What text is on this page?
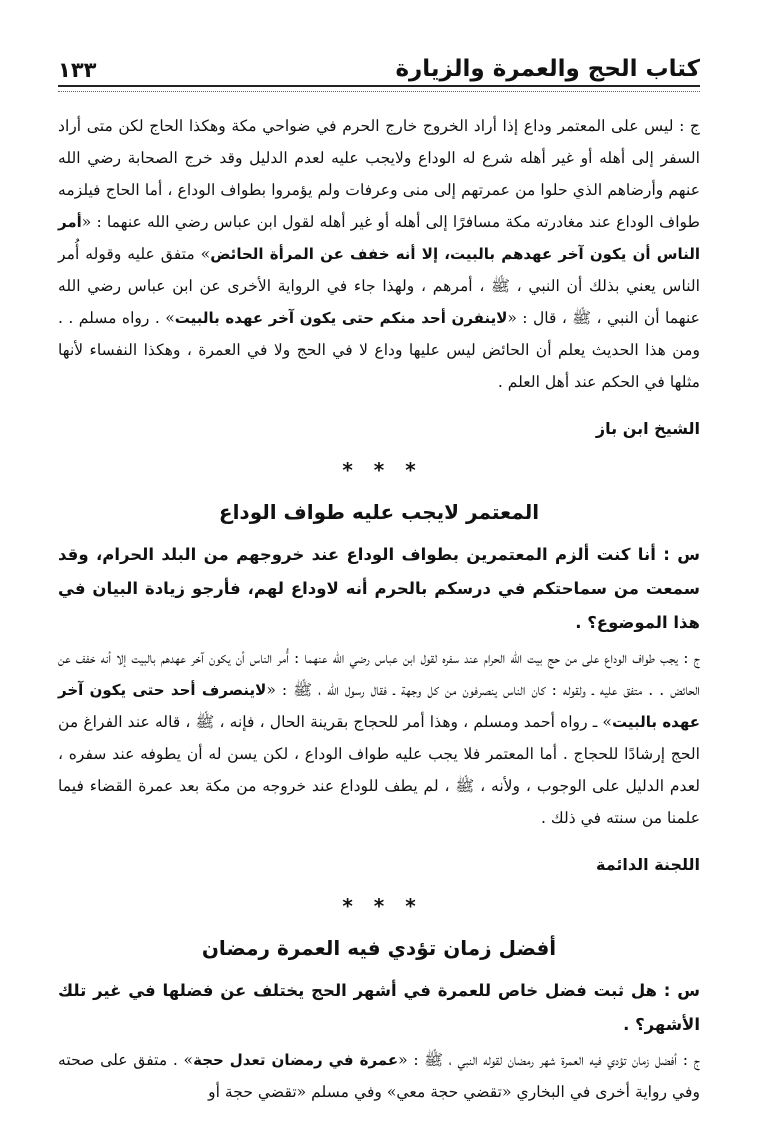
كتاب الحج والعمرة والزيارة
١٣٣

ج : ليس على المعتمر وداع إذا أراد الخروج خارج الحرم في ضواحي مكة وهكذا الحاج لكن متى أراد السفر إلى أهله أو غير أهله شرع له الوداع ولايجب عليه لعدم الدليل وقد خرج الصحابة رضي الله عنهم وأرضاهم الذي حلوا من عمرتهم إلى منى وعرفات ولم يؤمروا بطواف الوداع ، أما الحاج فيلزمه طواف الوداع عند مغادرته مكة مسافرًا إلى أهله أو غير أهله لقول ابن عباس رضي الله عنهما : «أمر الناس أن يكون آخر عهدهم بالبيت، إلا أنه خفف عن المرأة الحائض» متفق عليه وقوله أُمر الناس يعني بذلك أن النبي ، ﷺ ، أمرهم ، ولهذا جاء في الرواية الأخرى عن ابن عباس رضي الله عنهما أن النبي ، ﷺ ، قال : «لاينفرن أحد منكم حتى يكون آخر عهده بالبيت» . رواه مسلم . . ومن هذا الحديث يعلم أن الحائض ليس عليها وداع لا في الحج ولا في العمرة ، وهكذا النفساء لأنها مثلها في الحكم عند أهل العلم .

الشيخ ابن باز
* * *
المعتمر لايجب عليه طواف الوداع

س : أنا كنت ألزم المعتمرين بطواف الوداع عند خروجهم من البلد الحرام، وقد سمعت من سماحتكم في درسكم بالحرم أنه لاوداع لهم، فأرجو زيادة البيان في هذا الموضوع؟ .

ج : يجب طواف الوداع على من حج بيت الله الحرام عند سفره لقول ابن عباس رضي الله عنهما : أُمر الناس أن يكون آخر عهدهم بالبيت إلا أنه خفف عن الحائض . . متفق عليه ـ ولقوله : كان الناس ينصرفون من كل وجهة ـ فقال رسول الله ، ﷺ : «لاينصرف أحد حتى يكون آخر عهده بالبيت» ـ رواه أحمد ومسلم ، وهذا أمر للحجاج بقرينة الحال ، فإنه ، ﷺ ، قاله عند الفراغ من الحج إرشادًا للحجاج . أما المعتمر فلا يجب عليه طواف الوداع ، لكن يسن له أن يطوفه عند سفره ، لعدم الدليل على الوجوب ، ولأنه ، ﷺ ، لم يطف للوداع عند خروجه من مكة بعد عمرة القضاء فيما علمنا من سنته في ذلك .

اللجنة الدائمة
* * *
أفضل زمان تؤدي فيه العمرة رمضان

س : هل ثبت فضل خاص للعمرة في أشهر الحج يختلف عن فضلها في غير تلك الأشهر؟ .

ج : أفضل زمان تؤدي فيه العمرة شهر رمضان لقوله النبي ، ﷺ : «عمرة في رمضان تعدل حجة» . متفق على صحته وفي رواية أخرى في البخاري «تقضي حجة معي» وفي مسلم «تقضي حجة أو
